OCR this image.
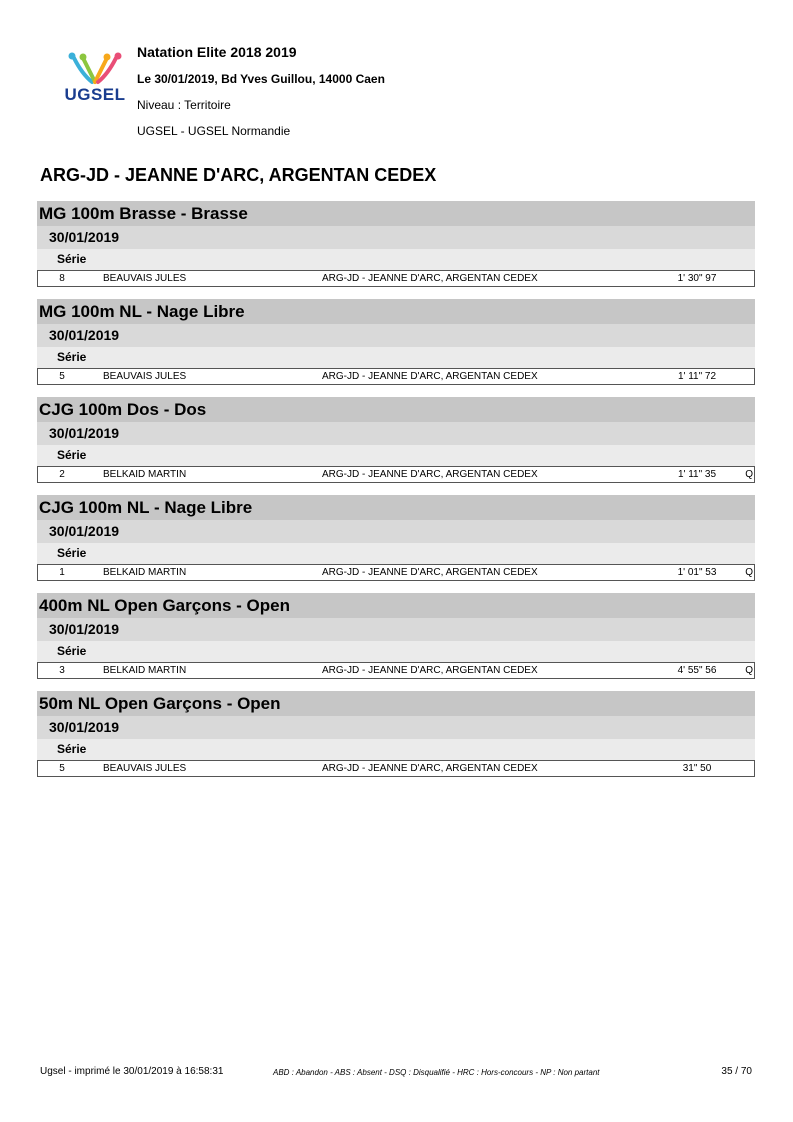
UGSEL
Natation Elite 2018 2019
Le 30/01/2019, Bd Yves Guillou, 14000 Caen
Niveau : Territoire
UGSEL - UGSEL Normandie
ARG-JD - JEANNE D'ARC, ARGENTAN CEDEX
MG 100m Brasse - Brasse
30/01/2019
Série
8	BEAUVAIS JULES	ARG-JD - JEANNE D'ARC, ARGENTAN CEDEX	1' 30" 97
MG 100m NL - Nage Libre
30/01/2019
Série
5	BEAUVAIS JULES	ARG-JD - JEANNE D'ARC, ARGENTAN CEDEX	1' 11" 72
CJG 100m Dos - Dos
30/01/2019
Série
2	BELKAID MARTIN	ARG-JD - JEANNE D'ARC, ARGENTAN CEDEX	1' 11" 35	Q
CJG 100m NL - Nage Libre
30/01/2019
Série
1	BELKAID MARTIN	ARG-JD - JEANNE D'ARC, ARGENTAN CEDEX	1' 01" 53	Q
400m NL Open Garçons - Open
30/01/2019
Série
3	BELKAID MARTIN	ARG-JD - JEANNE D'ARC, ARGENTAN CEDEX	4' 55" 56	Q
50m NL Open Garçons - Open
30/01/2019
Série
5	BEAUVAIS JULES	ARG-JD - JEANNE D'ARC, ARGENTAN CEDEX	31" 50
Ugsel - imprimé le 30/01/2019 à 16:58:31	ABD : Abandon - ABS : Absent - DSQ : Disqualifié - HRC : Hors-concours - NP : Non partant	35 / 70
